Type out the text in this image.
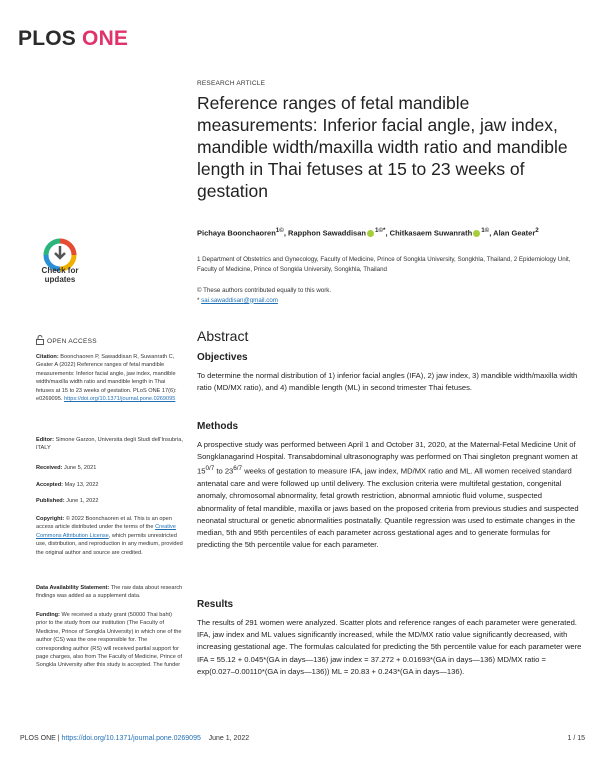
PLOS ONE
RESEARCH ARTICLE
Reference ranges of fetal mandible measurements: Inferior facial angle, jaw index, mandible width/maxilla width ratio and mandible length in Thai fetuses at 15 to 23 weeks of gestation
Pichaya Boonchaoren$^{1©}$, Rapphon Sawaddisan $^{1©*}$, Chitkasaem Suwanrath $^{1©}$, Alan Geater$^2$
1 Department of Obstetrics and Gynecology, Faculty of Medicine, Prince of Songkla University, Songkhla, Thailand, 2 Epidemiology Unit, Faculty of Medicine, Prince of Songkla University, Songkhla, Thailand
© These authors contributed equally to this work.
* sai.sawaddisan@gmail.com
Check for
updates
OPEN ACCESS
Citation: Boonchaoren P, Sawaddisan R, Suwanrath C, Geater A (2022) Reference ranges of fetal mandible measurements: Inferior facial angle, jaw index, mandible width/maxilla width ratio and mandible length in Thai fetuses at 15 to 23 weeks of gestation. PLoS ONE 17(6): e0269095. https://doi.org/10.1371/journal.pone.0269095
Editor: Simone Garzon, Universita degli Studi dell'Insubria, ITALY
Received: June 5, 2021
Accepted: May 13, 2022
Published: June 1, 2022
Copyright: © 2022 Boonchaoren et al. This is an open access article distributed under the terms of the Creative Commons Attribution License, which permits unrestricted use, distribution, and reproduction in any medium, provided the original author and source are credited.
Data Availability Statement: The raw data about research findings was added as a supplement data.
Funding: We received a study grant (50000 Thai baht) prior to the study from our institution (The Faculty of Medicine, Prince of Songkla University) in which one of the author (CS) was the one responsible for. The corresponding author (RS) will received partial support for page charges, also from The Faculty of Medicine, Prince of Songkla University after this study is accepted. The funder
Abstract
Objectives
To determine the normal distribution of 1) inferior facial angles (IFA), 2) jaw index, 3) mandible width/maxilla width ratio (MD/MX ratio), and 4) mandible length (ML) in second trimester Thai fetuses.
Methods
A prospective study was performed between April 1 and October 31, 2020, at the Maternal-Fetal Medicine Unit of Songklanagarind Hospital. Transabdominal ultrasonography was performed on Thai singleton pregnant women at $15^{0/7}$ to $23^{6/7}$ weeks of gestation to measure IFA, jaw index, MD/MX ratio and ML. All women received standard antenatal care and were followed up until delivery. The exclusion criteria were multifetal gestation, congenital anomaly, chromosomal abnormality, fetal growth restriction, abnormal amniotic fluid volume, suspected abnormality of fetal mandible, maxilla or jaws based on the proposed criteria from previous studies and suspected neonatal structural or genetic abnormalities postnatally. Quantile regression was used to estimate changes in the median, 5th and 95th percentiles of each parameter across gestational ages and to generate formulas for predicting the 5th percentile value for each parameter.
Results
The results of 291 women were analyzed. Scatter plots and reference ranges of each parameter were generated. IFA, jaw index and ML values significantly increased, while the MD/MX ratio value significantly decreased, with increasing gestational age. The formulas calculated for predicting the 5th percentile value for each parameter were IFA = 55.12 + 0.045*(GA in days—136) jaw index = 37.272 + 0.01693*(GA in days—136) MD/MX ratio = exp(0.027–0.00110*(GA in days—136)) ML = 20.83 + 0.243*(GA in days—136).
PLOS ONE | https://doi.org/10.1371/journal.pone.0269095 June 1, 2022	1 / 15
